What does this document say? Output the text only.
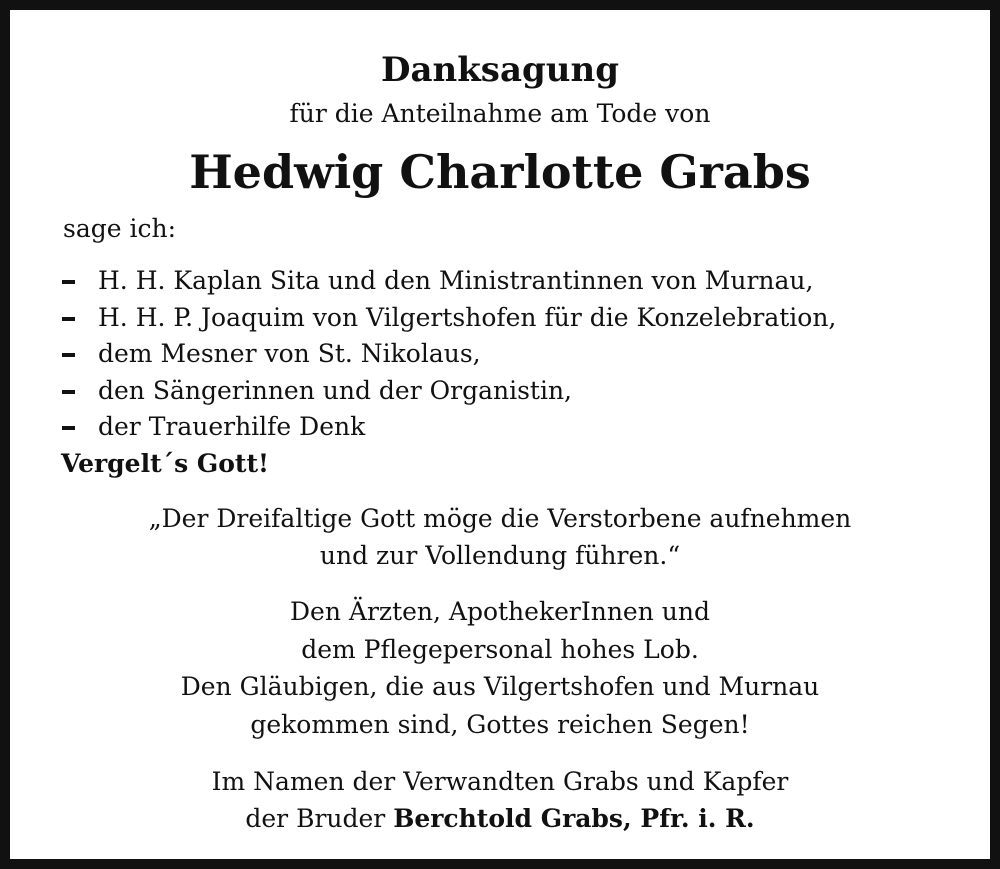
Danksagung
für die Anteilnahme am Tode von
Hedwig Charlotte Grabs
sage ich:
H. H. Kaplan Sita und den Ministrantinnen von Murnau,
H. H. P. Joaquim von Vilgertshofen für die Konzelebration,
dem Mesner von St. Nikolaus,
den Sängerinnen und der Organistin,
der Trauerhilfe Denk
Vergelt´s Gott!
„Der Dreifaltige Gott möge die Verstorbene aufnehmen
und zur Vollendung führen.“
Den Ärzten, ApothekerInnen und
dem Pflegepersonal hohes Lob.
Den Gläubigen, die aus Vilgertshofen und Murnau
gekommen sind, Gottes reichen Segen!
Im Namen der Verwandten Grabs und Kapfer
der Bruder Berchtold Grabs, Pfr. i. R.
